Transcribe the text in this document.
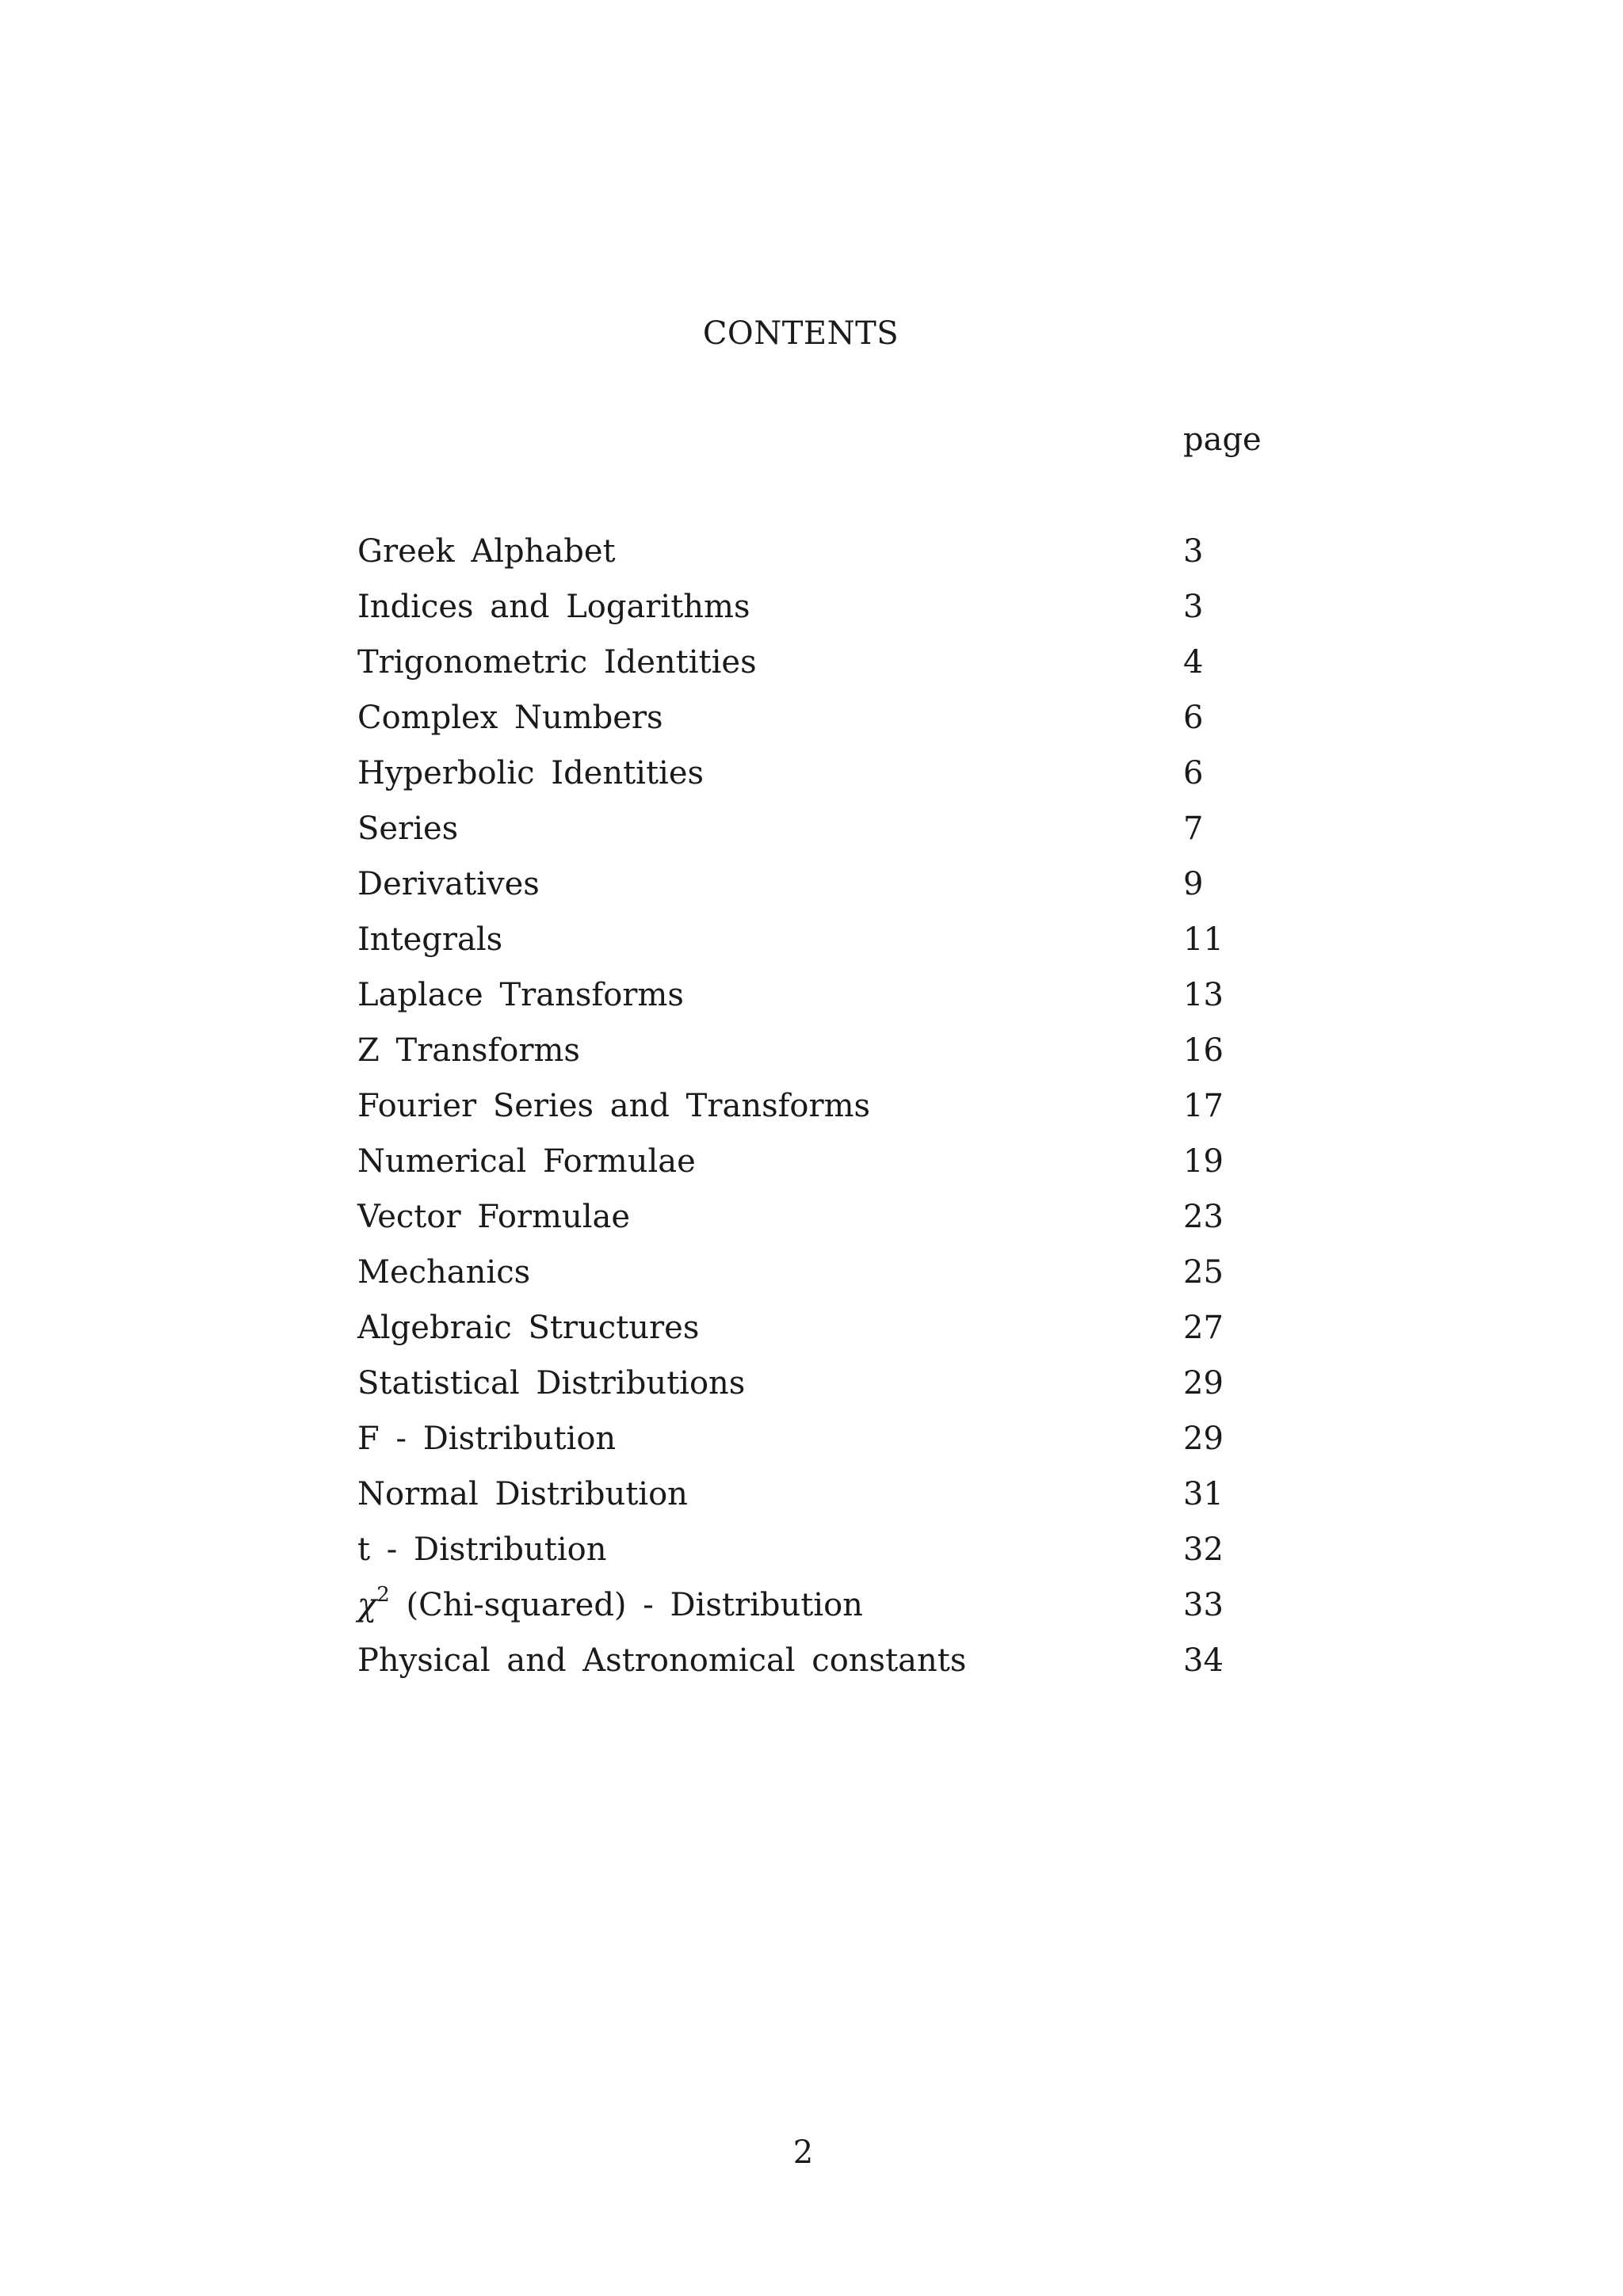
CONTENTS
page
Greek Alphabet	3
Indices and Logarithms	3
Trigonometric Identities	4
Complex Numbers	6
Hyperbolic Identities	6
Series	7
Derivatives	9
Integrals	11
Laplace Transforms	13
Z Transforms	16
Fourier Series and Transforms	17
Numerical Formulae	19
Vector Formulae	23
Mechanics	25
Algebraic Structures	27
Statistical Distributions	29
F - Distribution	29
Normal Distribution	31
t - Distribution	32
$\chi^2$ (Chi-squared) - Distribution	33
Physical and Astronomical constants	34
2
